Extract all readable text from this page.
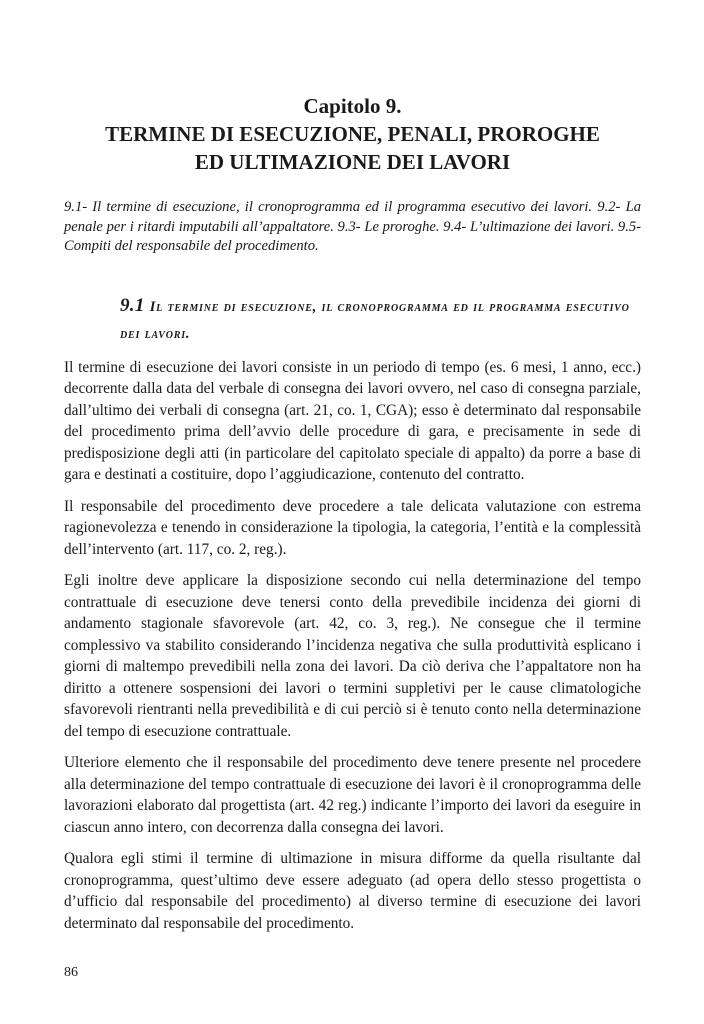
Capitolo 9.
TERMINE DI ESECUZIONE, PENALI, PROROGHE
ED ULTIMAZIONE DEI LAVORI
9.1- Il termine di esecuzione, il cronoprogramma ed il programma esecutivo dei lavori. 9.2- La penale per i ritardi imputabili all’appaltatore. 9.3- Le proroghe. 9.4- L’ultimazione dei lavori. 9.5- Compiti del responsabile del procedimento.
9.1 Il termine di esecuzione, il cronoprogramma ed il programma esecutivo dei lavori.

Il termine di esecuzione dei lavori consiste in un periodo di tempo (es. 6 mesi, 1 anno, ecc.) decorrente dalla data del verbale di consegna dei lavori ovvero, nel caso di consegna parziale, dall’ultimo dei verbali di consegna (art. 21, co. 1, CGA); esso è determinato dal responsabile del procedimento prima dell’avvio delle procedure di gara, e precisamente in sede di predisposizione degli atti (in particolare del capitolato speciale di appalto) da porre a base di gara e destinati a costituire, dopo l’aggiudicazione, contenuto del contratto.

Il responsabile del procedimento deve procedere a tale delicata valutazione con estrema ragionevolezza e tenendo in considerazione la tipologia, la categoria, l’entità e la complessità dell’intervento (art. 117, co. 2, reg.).

Egli inoltre deve applicare la disposizione secondo cui nella determinazione del tempo contrattuale di esecuzione deve tenersi conto della prevedibile incidenza dei giorni di andamento stagionale sfavorevole (art. 42, co. 3, reg.). Ne consegue che il termine complessivo va stabilito considerando l’incidenza negativa che sulla produttività esplicano i giorni di maltempo prevedibili nella zona dei lavori. Da ciò deriva che l’appaltatore non ha diritto a ottenere sospensioni dei lavori o termini suppletivi per le cause climatologiche sfavorevoli rientranti nella prevedibilità e di cui perciò si è tenuto conto nella determinazione del tempo di esecuzione contrattuale.

Ulteriore elemento che il responsabile del procedimento deve tenere presente nel procedere alla determinazione del tempo contrattuale di esecuzione dei lavori è il cronoprogramma delle lavorazioni elaborato dal progettista (art. 42 reg.) indicante l’importo dei lavori da eseguire in ciascun anno intero, con decorrenza dalla consegna dei lavori.

Qualora egli stimi il termine di ultimazione in misura difforme da quella risultante dal cronoprogramma, quest’ultimo deve essere adeguato (ad opera dello stesso progettista o d’ufficio dal responsabile del procedimento) al diverso termine di esecuzione dei lavori determinato dal responsabile del procedimento.

86
